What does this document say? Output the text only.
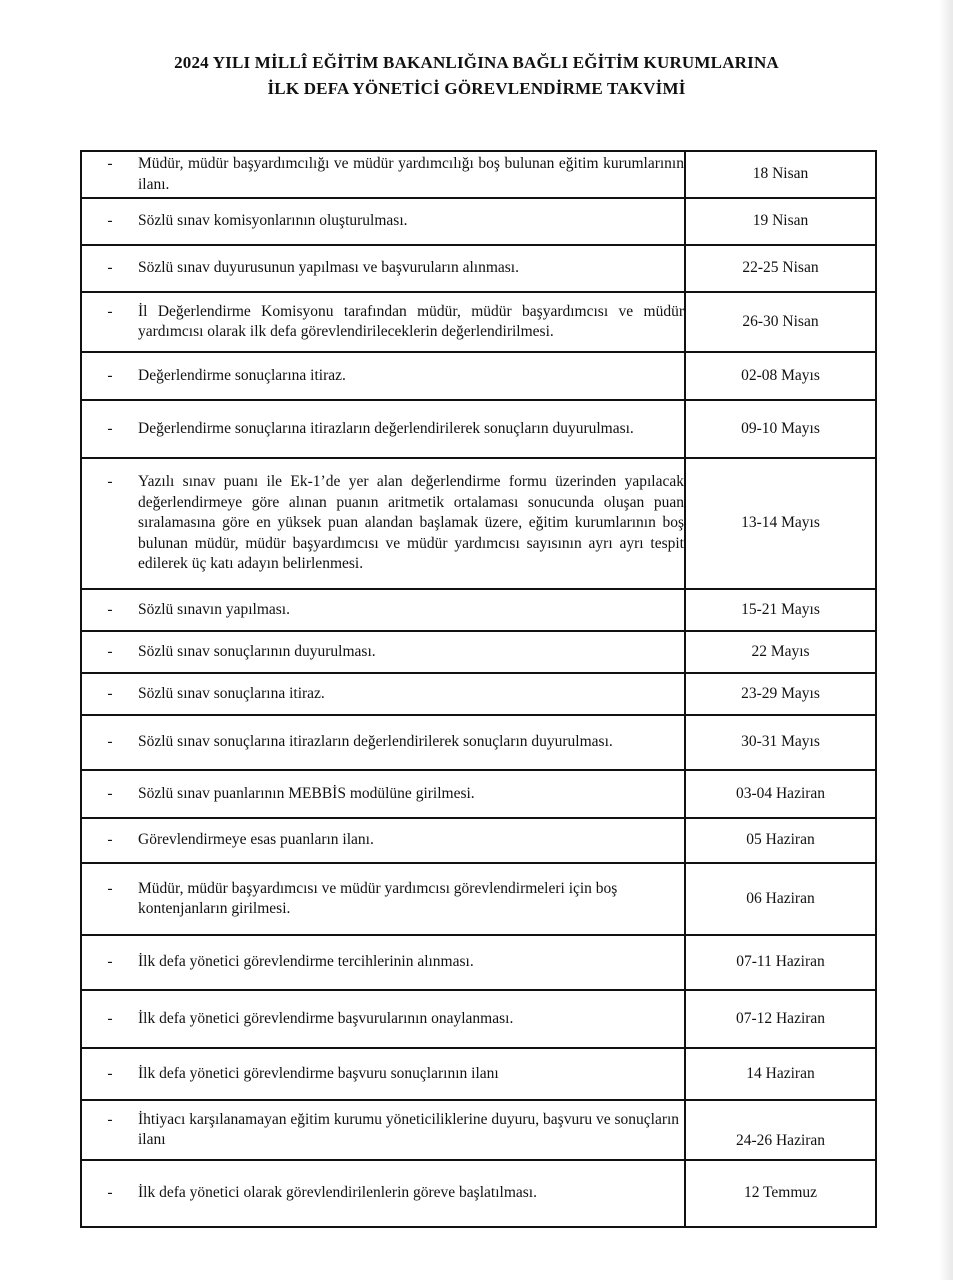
2024 YILI MİLLÎ EĞİTİM BAKANLIĞINA BAĞLI EĞİTİM KURUMLARINA
İLK DEFA YÖNETİCİ GÖREVLENDİRME TAKVİMİ
- Müdür, müdür başyardımcılığı ve müdür yardımcılığı boş bulunan eğitim kurumlarının ilanı.	18 Nisan

- Sözlü sınav komisyonlarının oluşturulması.	19 Nisan

- Sözlü sınav duyurusunun yapılması ve başvuruların alınması.	22-25 Nisan

- İl Değerlendirme Komisyonu tarafından müdür, müdür başyardımcısı ve müdür yardımcısı olarak ilk defa görevlendirileceklerin değerlendirilmesi.	26-30 Nisan

- Değerlendirme sonuçlarına itiraz.	02-08 Mayıs

- Değerlendirme sonuçlarına itirazların değerlendirilerek sonuçların duyurulması.	09-10 Mayıs

- Yazılı sınav puanı ile Ek-1’de yer alan değerlendirme formu üzerinden yapılacak değerlendirmeye göre alınan puanın aritmetik ortalaması sonucunda oluşan puan sıralamasına göre en yüksek puan alandan başlamak üzere, eğitim kurumlarının boş bulunan müdür, müdür başyardımcısı ve müdür yardımcısı sayısının ayrı ayrı tespit edilerek üç katı adayın belirlenmesi.	13-14 Mayıs

- Sözlü sınavın yapılması.	15-21 Mayıs

- Sözlü sınav sonuçlarının duyurulması.	22 Mayıs

- Sözlü sınav sonuçlarına itiraz.	23-29 Mayıs

- Sözlü sınav sonuçlarına itirazların değerlendirilerek sonuçların duyurulması.	30-31 Mayıs

- Sözlü sınav puanlarının MEBBİS modülüne girilmesi.	03-04 Haziran

- Görevlendirmeye esas puanların ilanı.	05 Haziran

- Müdür, müdür başyardımcısı ve müdür yardımcısı görevlendirmeleri için boş kontenjanların girilmesi.	06 Haziran

- İlk defa yönetici görevlendirme tercihlerinin alınması.	07-11 Haziran

- İlk defa yönetici görevlendirme başvurularının onaylanması.	07-12 Haziran

- İlk defa yönetici görevlendirme başvuru sonuçlarının ilanı	14 Haziran

- İhtiyacı karşılanamayan eğitim kurumu yöneticiliklerine duyuru, başvuru ve sonuçların ilanı	24-26 Haziran

- İlk defa yönetici olarak görevlendirilenlerin göreve başlatılması.	12 Temmuz
